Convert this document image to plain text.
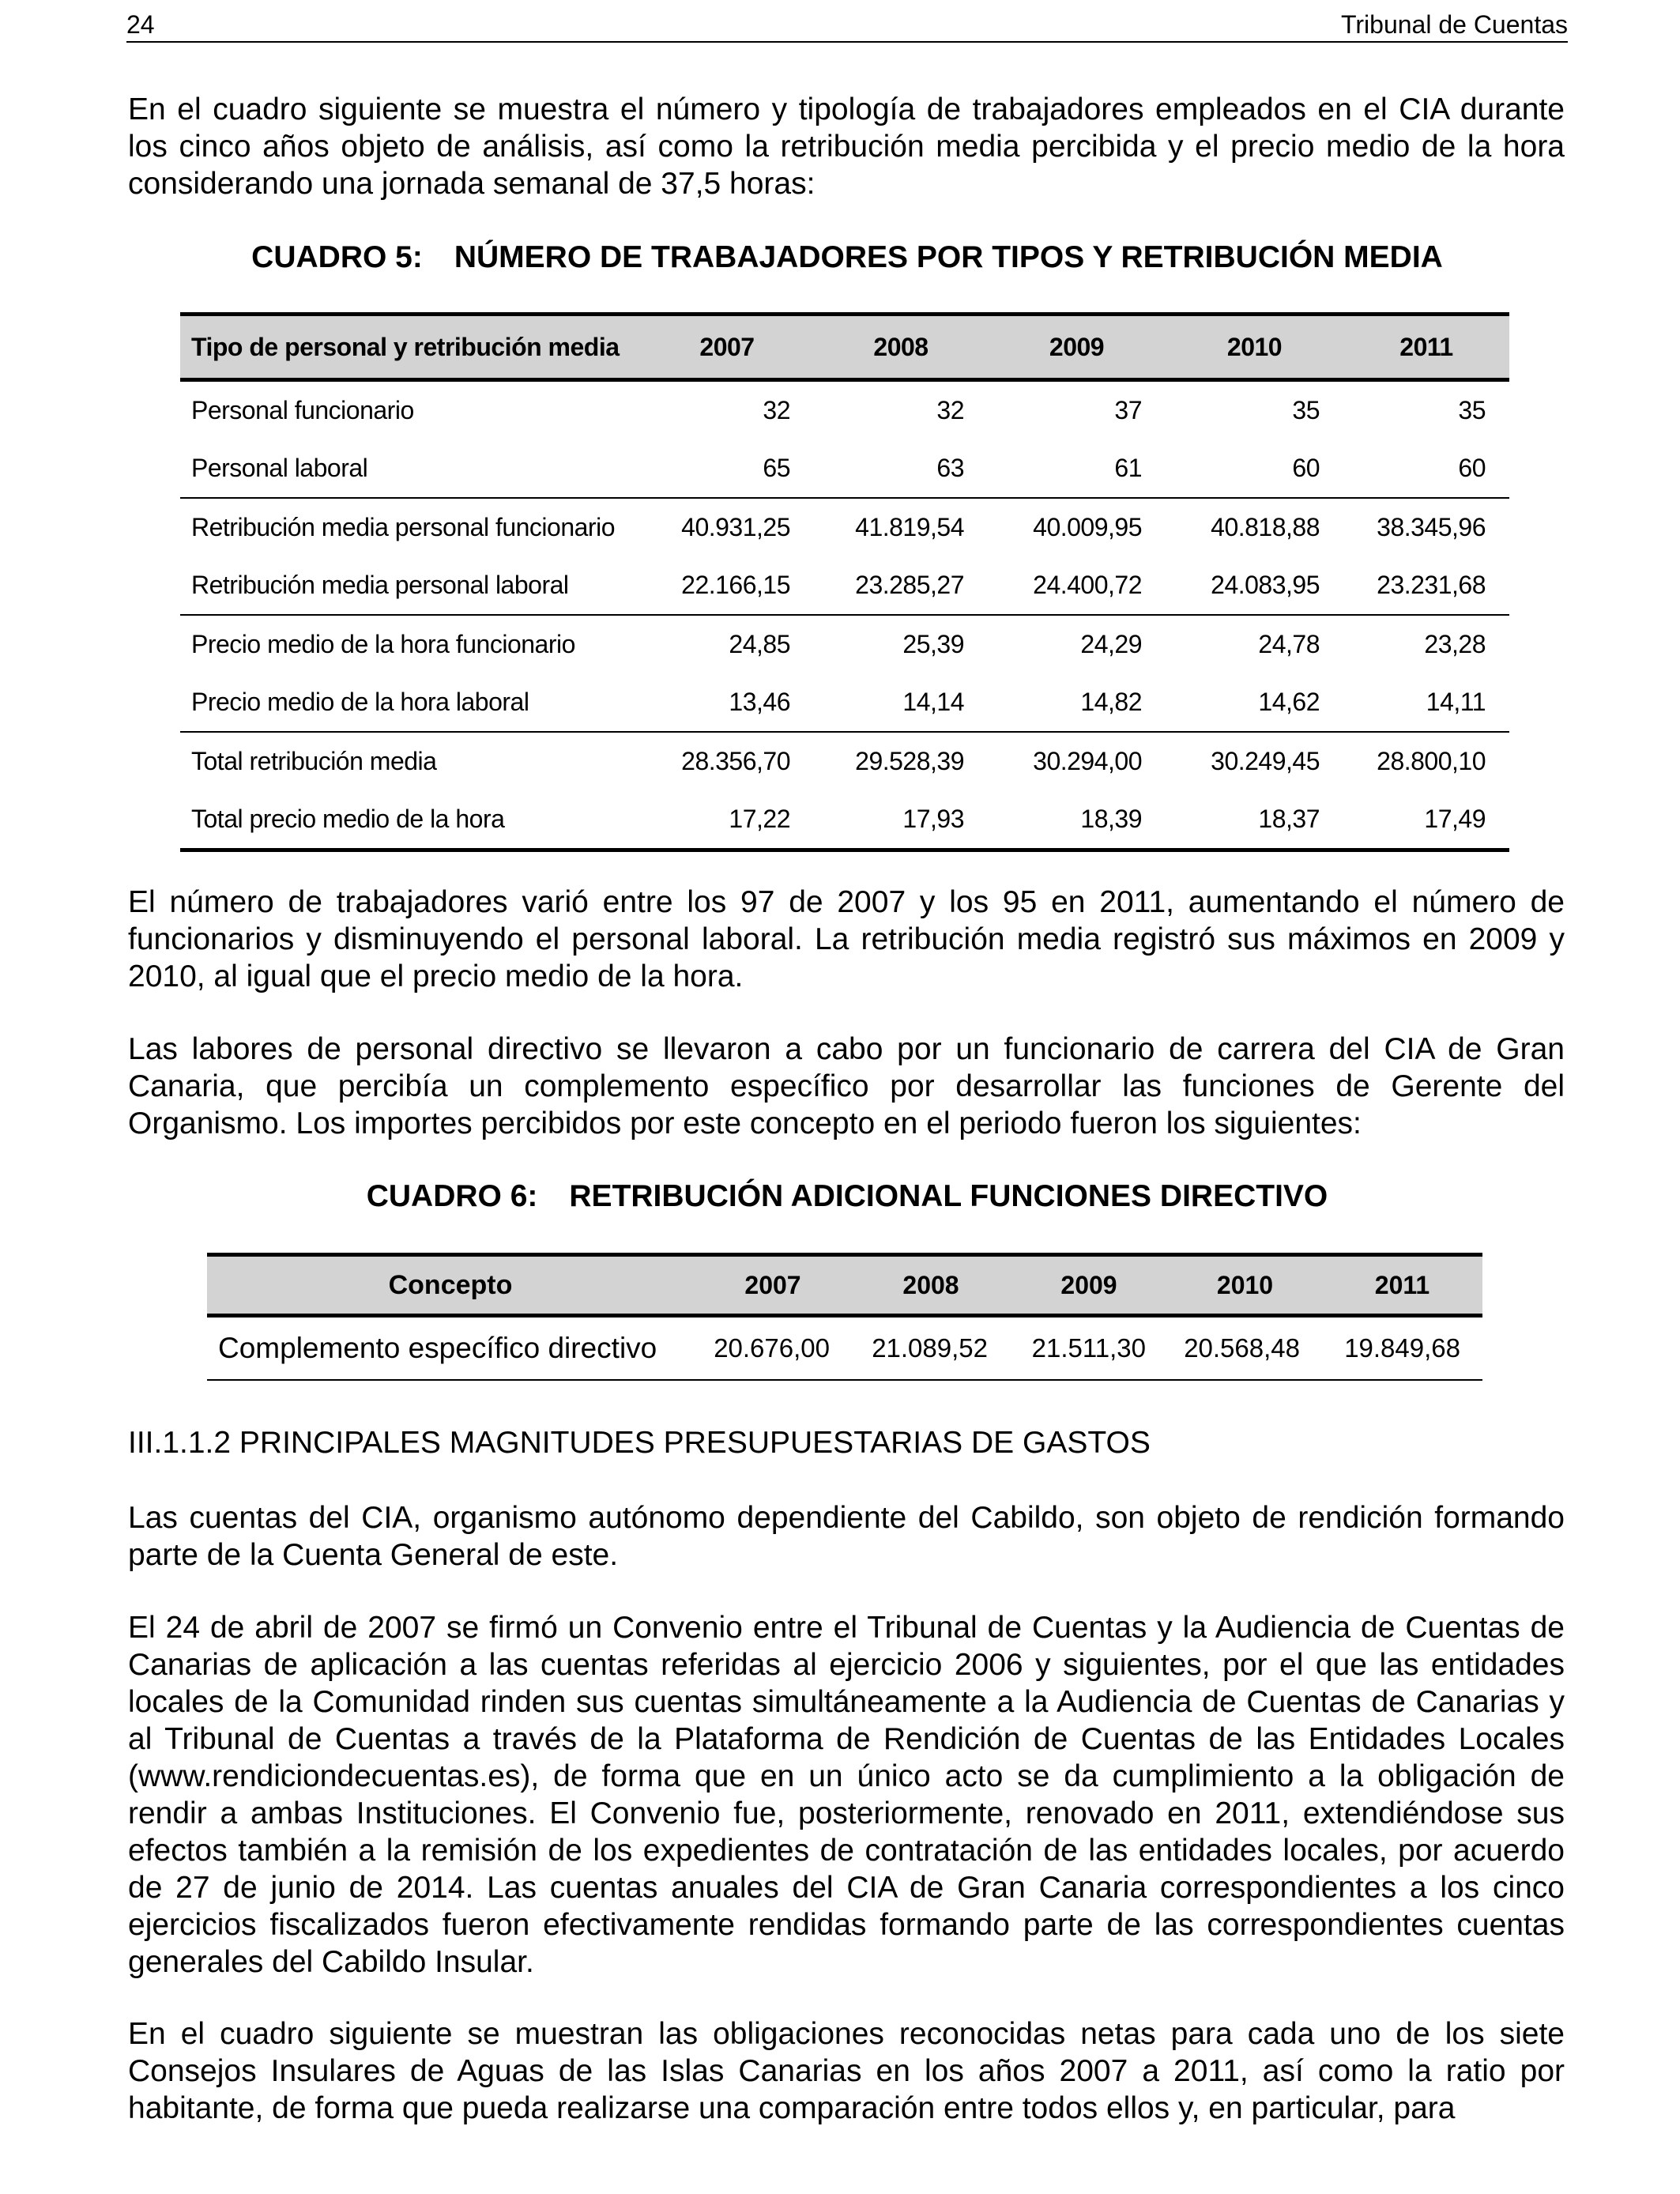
24	Tribunal de Cuentas

En el cuadro siguiente se muestra el número y tipología de trabajadores empleados en el CIA durante los cinco años objeto de análisis, así como la retribución media percibida y el precio medio de la hora considerando una jornada semanal de 37,5 horas:

CUADRO 5: NÚMERO DE TRABAJADORES POR TIPOS Y RETRIBUCIÓN MEDIA
Tipo de personal y retribución media	2007	2008	2009	2010	2011
Personal funcionario	32	32	37	35	35
Personal laboral	65	63	61	60	60
Retribución media personal funcionario	40.931,25	41.819,54	40.009,95	40.818,88	38.345,96
Retribución media personal laboral	22.166,15	23.285,27	24.400,72	24.083,95	23.231,68
Precio medio de la hora funcionario	24,85	25,39	24,29	24,78	23,28
Precio medio de la hora laboral	13,46	14,14	14,82	14,62	14,11
Total retribución media	28.356,70	29.528,39	30.294,00	30.249,45	28.800,10
Total precio medio de la hora	17,22	17,93	18,39	18,37	17,49

El número de trabajadores varió entre los 97 de 2007 y los 95 en 2011, aumentando el número de funcionarios y disminuyendo el personal laboral. La retribución media registró sus máximos en 2009 y 2010, al igual que el precio medio de la hora.

Las labores de personal directivo se llevaron a cabo por un funcionario de carrera del CIA de Gran Canaria, que percibía un complemento específico por desarrollar las funciones de Gerente del Organismo. Los importes percibidos por este concepto en el periodo fueron los siguientes:

CUADRO 6: RETRIBUCIÓN ADICIONAL FUNCIONES DIRECTIVO
Concepto	2007	2008	2009	2010	2011
Complemento específico directivo	20.676,00	21.089,52	21.511,30	20.568,48	19.849,68
III.1.1.2 PRINCIPALES MAGNITUDES PRESUPUESTARIAS DE GASTOS

Las cuentas del CIA, organismo autónomo dependiente del Cabildo, son objeto de rendición formando parte de la Cuenta General de este.

El 24 de abril de 2007 se firmó un Convenio entre el Tribunal de Cuentas y la Audiencia de Cuentas de Canarias de aplicación a las cuentas referidas al ejercicio 2006 y siguientes, por el que las entidades locales de la Comunidad rinden sus cuentas simultáneamente a la Audiencia de Cuentas de Canarias y al Tribunal de Cuentas a través de la Plataforma de Rendición de Cuentas de las Entidades Locales (www.rendiciondecuentas.es), de forma que en un único acto se da cumplimiento a la obligación de rendir a ambas Instituciones. El Convenio fue, posteriormente, renovado en 2011, extendiéndose sus efectos también a la remisión de los expedientes de contratación de las entidades locales, por acuerdo de 27 de junio de 2014. Las cuentas anuales del CIA de Gran Canaria correspondientes a los cinco ejercicios fiscalizados fueron efectivamente rendidas formando parte de las correspondientes cuentas generales del Cabildo Insular.

En el cuadro siguiente se muestran las obligaciones reconocidas netas para cada uno de los siete Consejos Insulares de Aguas de las Islas Canarias en los años 2007 a 2011, así como la ratio por habitante, de forma que pueda realizarse una comparación entre todos ellos y, en particular, para
